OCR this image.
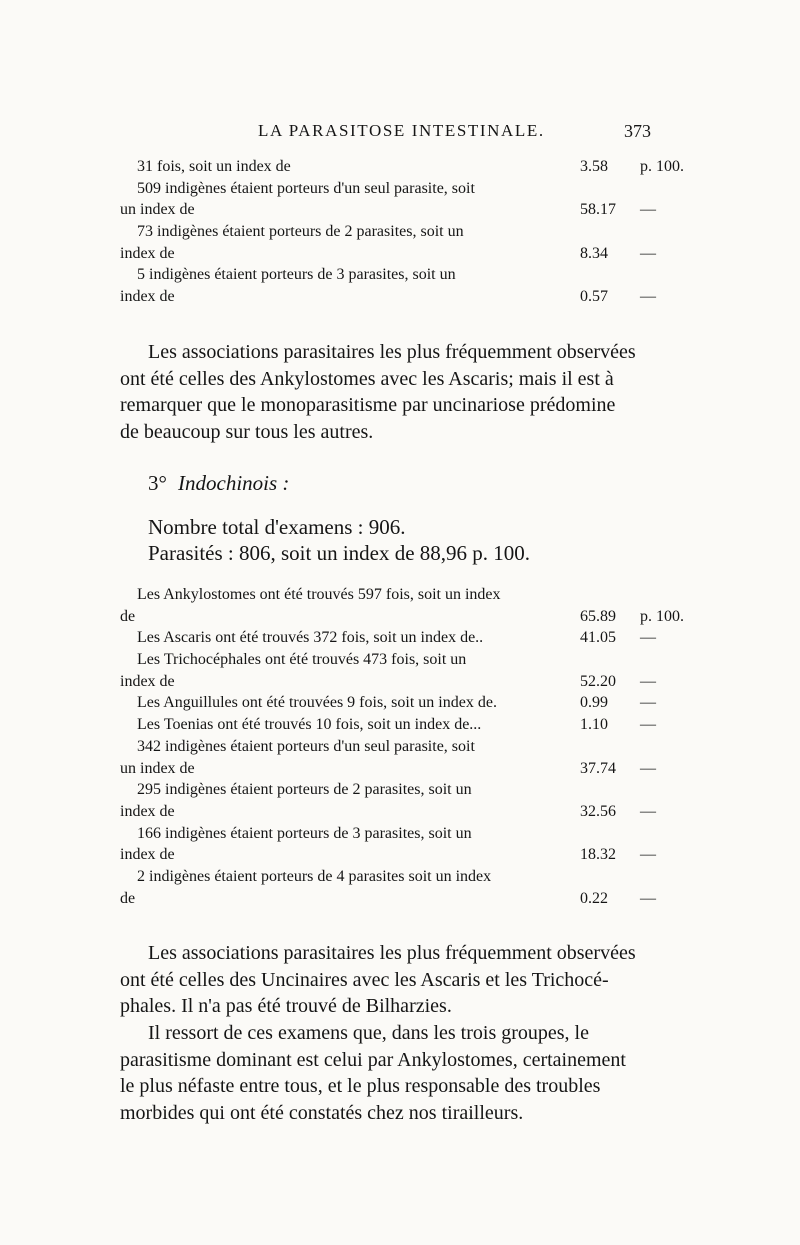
LA PARASITOSE INTESTINALE.	373
31 fois, soit un index de	3.58 p. 100.
509 indigènes étaient porteurs d'un seul parasite, soit
un index de	58.17 —
73 indigènes étaient porteurs de 2 parasites, soit un
index de	8.34 —
5 indigènes étaient porteurs de 3 parasites, soit un
index de	0.57 —
Les associations parasitaires les plus fréquemment observées
ont été celles des Ankylostomes avec les Ascaris; mais il est à
remarquer que le monoparasitisme par uncinariose prédomine
de beaucoup sur tous les autres.
3° Indochinois :
Nombre total d'examens : 906.
Parasités : 806, soit un index de 88,96 p. 100.
Les Ankylostomes ont été trouvés 597 fois, soit un index
de	65.89 p. 100.
Les Ascaris ont été trouvés 372 fois, soit un index de..	41.05 —
Les Trichocéphales ont été trouvés 473 fois, soit un
index de	52.20 —
Les Anguillules ont été trouvées 9 fois, soit un index de.	0.99 —
Les Toenias ont été trouvés 10 fois, soit un index de...	1.10 —
342 indigènes étaient porteurs d'un seul parasite, soit
un index de	37.74 —
295 indigènes étaient porteurs de 2 parasites, soit un
index de	32.56 —
166 indigènes étaient porteurs de 3 parasites, soit un
index de	18.32 —
2 indigènes étaient porteurs de 4 parasites soit un index
de	0.22 —
Les associations parasitaires les plus fréquemment observées
ont été celles des Uncinaires avec les Ascaris et les Trichocé-
phales. Il n'a pas été trouvé de Bilharzies.
Il ressort de ces examens que, dans les trois groupes, le
parasitisme dominant est celui par Ankylostomes, certainement
le plus néfaste entre tous, et le plus responsable des troubles
morbides qui ont été constatés chez nos tirailleurs.
